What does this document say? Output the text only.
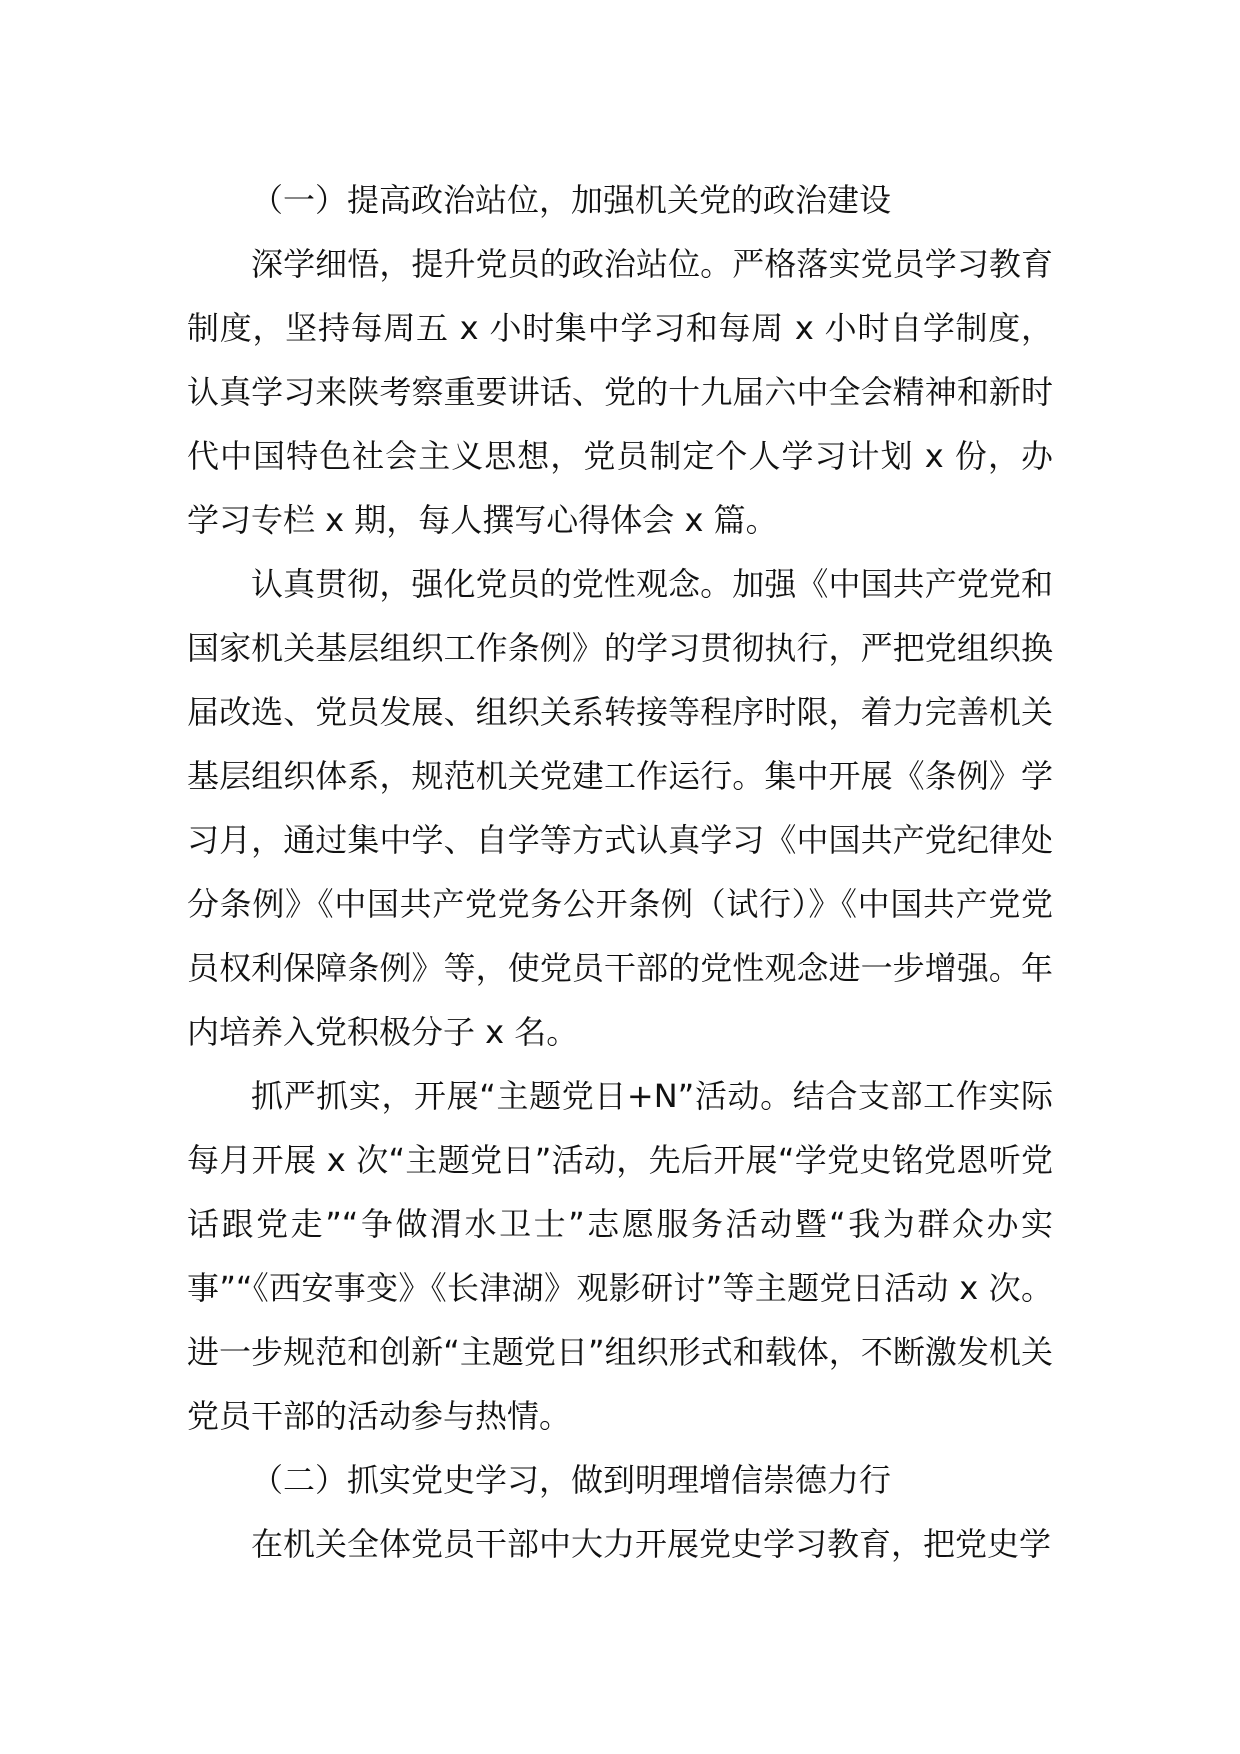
（一）提高政治站位，加强机关党的政治建设

深学细悟，提升党员的政治站位。严格落实党员学习教育制度，坚持每周五 x 小时集中学习和每周 x 小时自学制度，认真学习来陕考察重要讲话、党的十九届六中全会精神和新时代中国特色社会主义思想，党员制定个人学习计划 x 份，办学习专栏 x 期，每人撰写心得体会 x 篇。

认真贯彻，强化党员的党性观念。加强《中国共产党党和国家机关基层组织工作条例》的学习贯彻执行，严把党组织换届改选、党员发展、组织关系转接等程序时限，着力完善机关基层组织体系，规范机关党建工作运行。集中开展《条例》学习月，通过集中学、自学等方式认真学习《中国共产党纪律处分条例》《中国共产党党务公开条例（试行）》《中国共产党党员权利保障条例》等，使党员干部的党性观念进一步增强。年内培养入党积极分子 x 名。

抓严抓实，开展“主题党日+N”活动。结合支部工作实际每月开展 x 次“主题党日”活动，先后开展“学党史铭党恩听党话跟党走”“争做渭水卫士”志愿服务活动暨“我为群众办实事”“《西安事变》《长津湖》观影研讨”等主题党日活动 x 次。进一步规范和创新“主题党日”组织形式和载体，不断激发机关党员干部的活动参与热情。

（二）抓实党史学习，做到明理增信崇德力行

在机关全体党员干部中大力开展党史学习教育，把党史学
